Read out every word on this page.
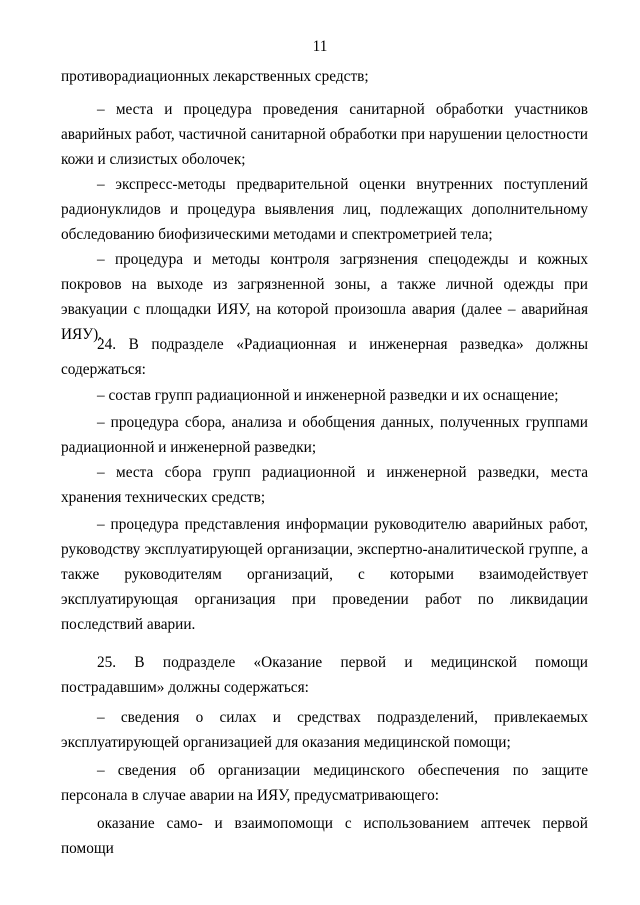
11
противорадиационных лекарственных средств;
– места и процедура проведения санитарной обработки участников аварийных работ, частичной санитарной обработки при нарушении целостности кожи и слизистых оболочек;
– экспресс-методы предварительной оценки внутренних поступлений радионуклидов и процедура выявления лиц, подлежащих дополнительному обследованию биофизическими методами и спектрометрией тела;
– процедура и методы контроля загрязнения спецодежды и кожных покровов на выходе из загрязненной зоны, а также личной одежды при эвакуации с площадки ИЯУ, на которой произошла авария (далее – аварийная ИЯУ).
24. В подразделе «Радиационная и инженерная разведка» должны содержаться:
– состав групп радиационной и инженерной разведки и их оснащение;
– процедура сбора, анализа и обобщения данных, полученных группами радиационной и инженерной разведки;
– места сбора групп радиационной и инженерной разведки, места хранения технических средств;
– процедура представления информации руководителю аварийных работ, руководству эксплуатирующей организации, экспертно-аналитической группе, а также руководителям организаций, с которыми взаимодействует эксплуатирующая организация при проведении работ по ликвидации последствий аварии.
25. В подразделе «Оказание первой и медицинской помощи пострадавшим» должны содержаться:
– сведения о силах и средствах подразделений, привлекаемых эксплуатирующей организацией для оказания медицинской помощи;
– сведения об организации медицинского обеспечения по защите персонала в случае аварии на ИЯУ, предусматривающего:
оказание само- и взаимопомощи с использованием аптечек первой помощи
